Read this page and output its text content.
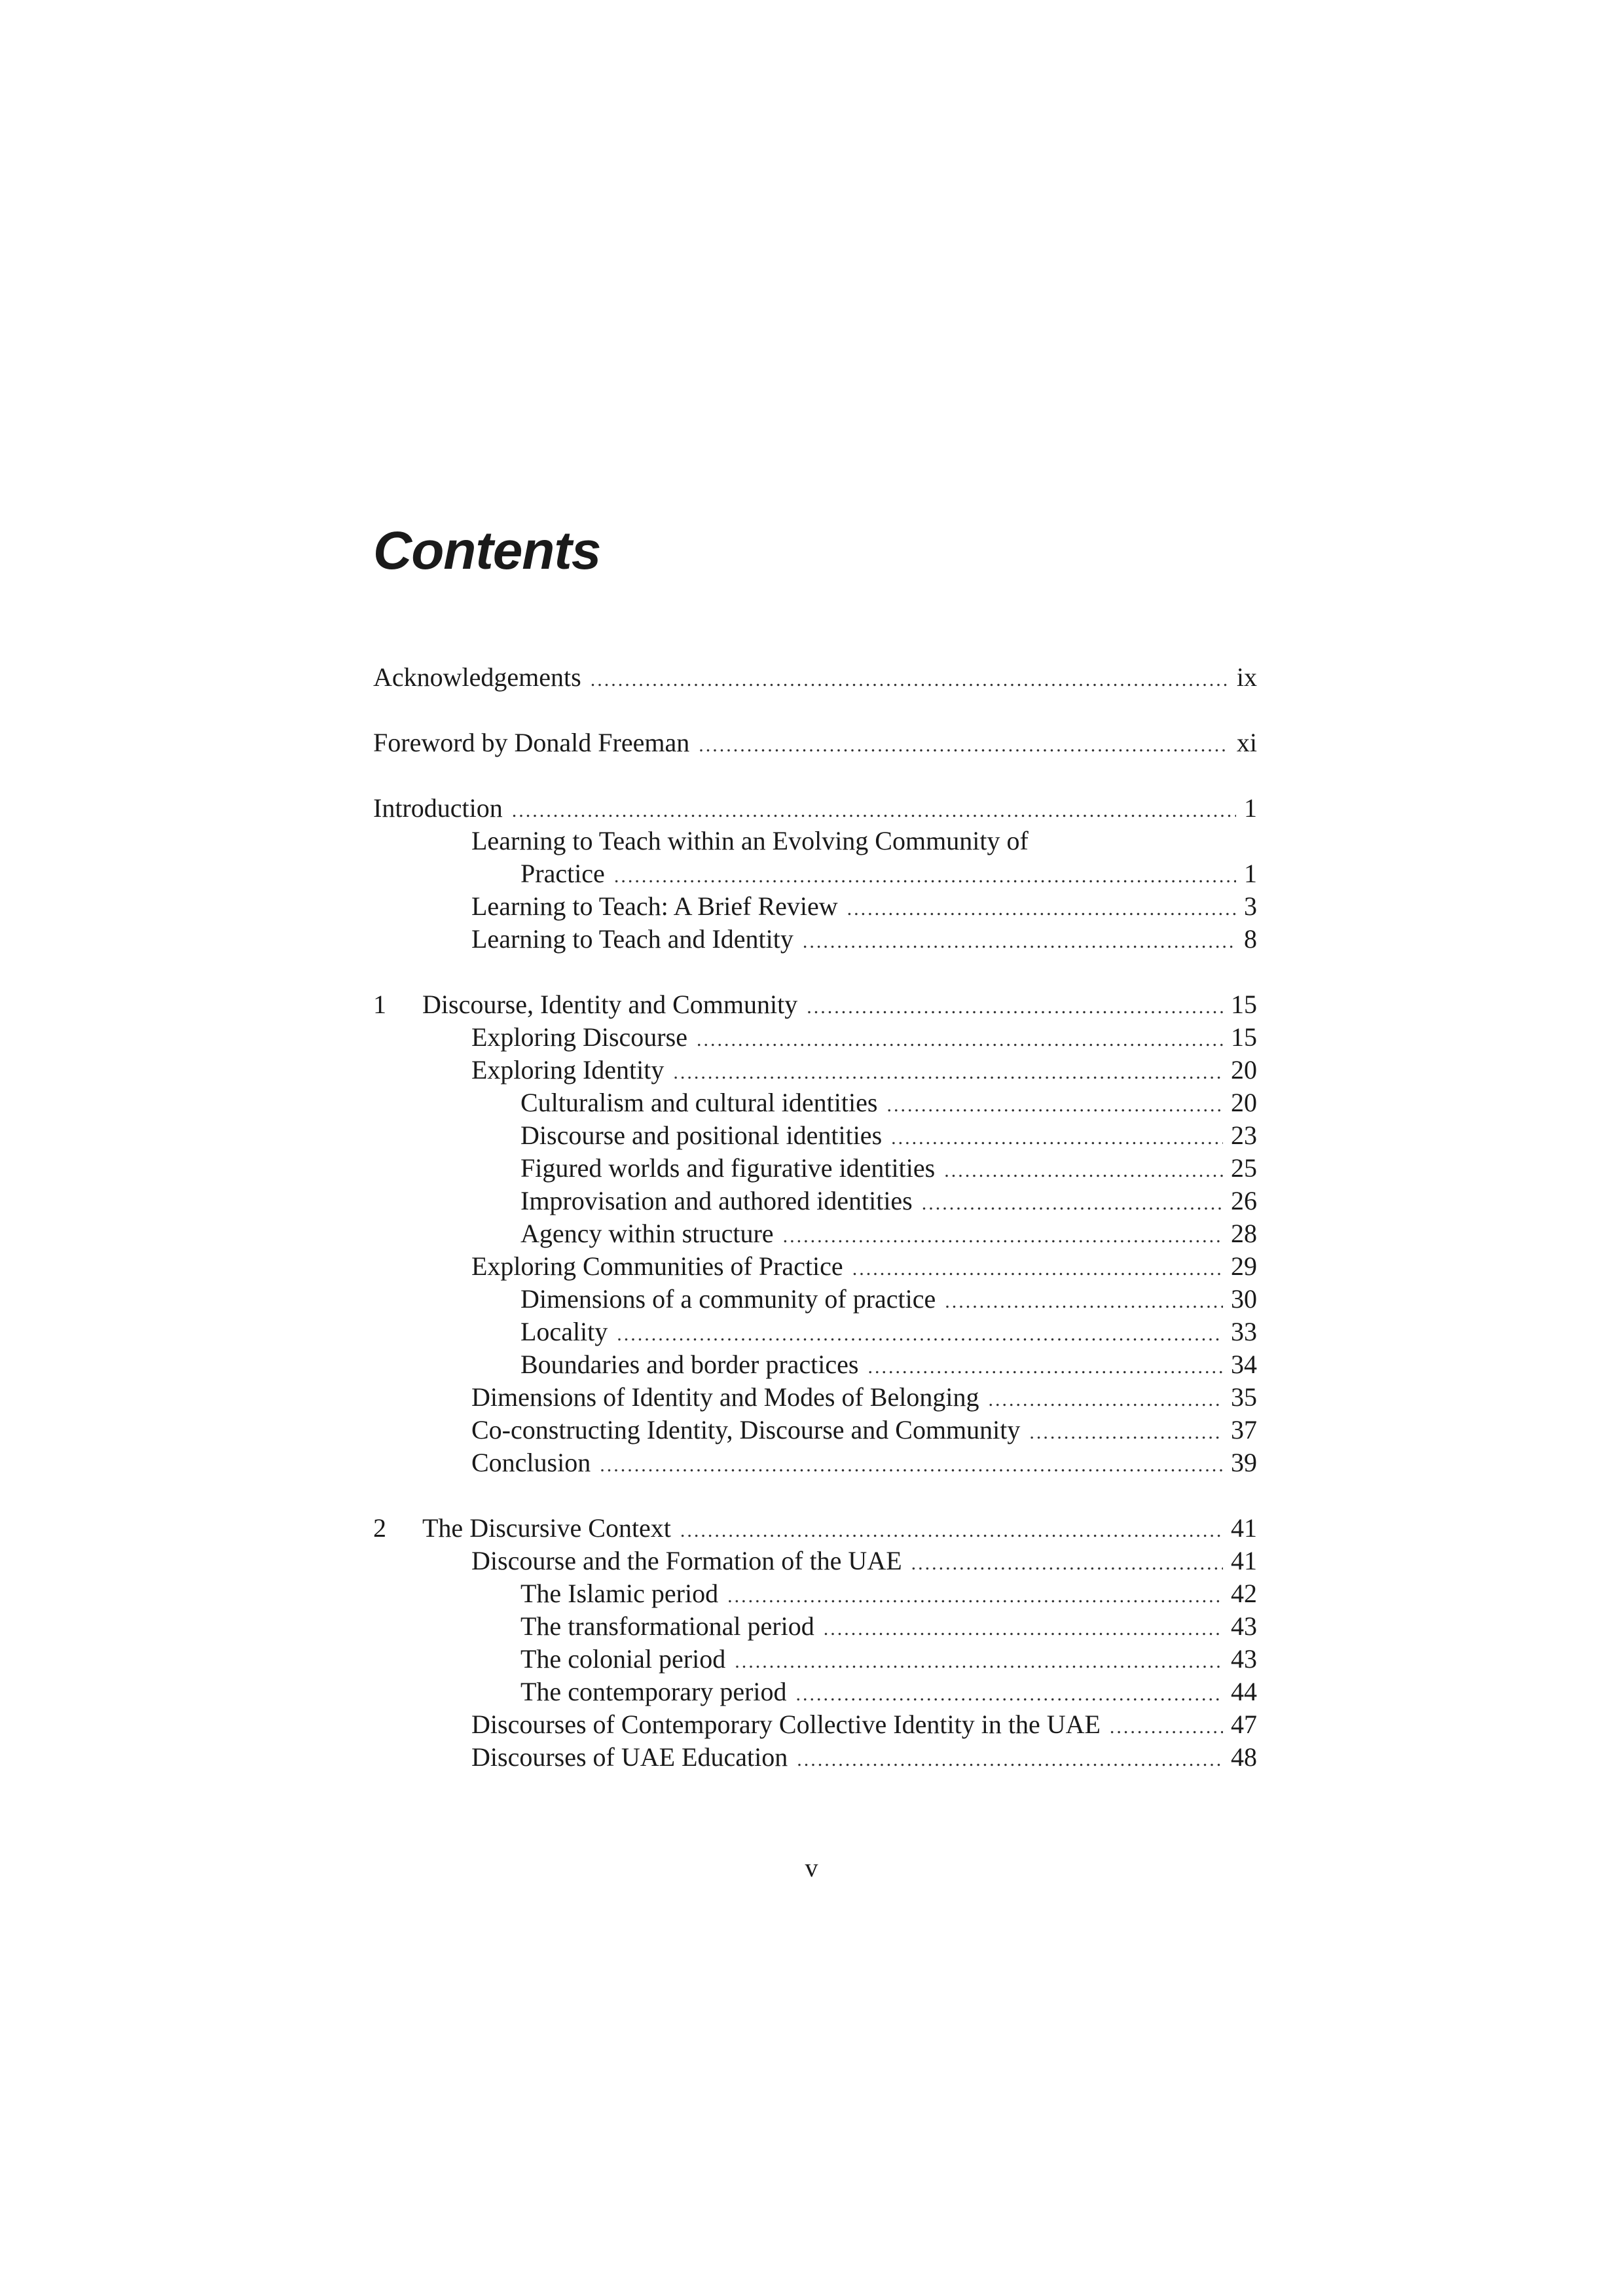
Contents
Acknowledgements .....	ix
Foreword by Donald Freeman .....	xi
Introduction .....	1
Learning to Teach within an Evolving Community of
Practice .....	1
Learning to Teach: A Brief Review .....	3
Learning to Teach and Identity .....	8
1	Discourse, Identity and Community .....	15
Exploring Discourse .....	15
Exploring Identity .....	20
Culturalism and cultural identities .....	20
Discourse and positional identities .....	23
Figured worlds and figurative identities .....	25
Improvisation and authored identities .....	26
Agency within structure .....	28
Exploring Communities of Practice .....	29
Dimensions of a community of practice .....	30
Locality .....	33
Boundaries and border practices .....	34
Dimensions of Identity and Modes of Belonging .....	35
Co-constructing Identity, Discourse and Community .....	37
Conclusion .....	39
2	The Discursive Context .....	41
Discourse and the Formation of the UAE .....	41
The Islamic period .....	42
The transformational period .....	43
The colonial period .....	43
The contemporary period .....	44
Discourses of Contemporary Collective Identity in the UAE .....	47
Discourses of UAE Education .....	48
v
